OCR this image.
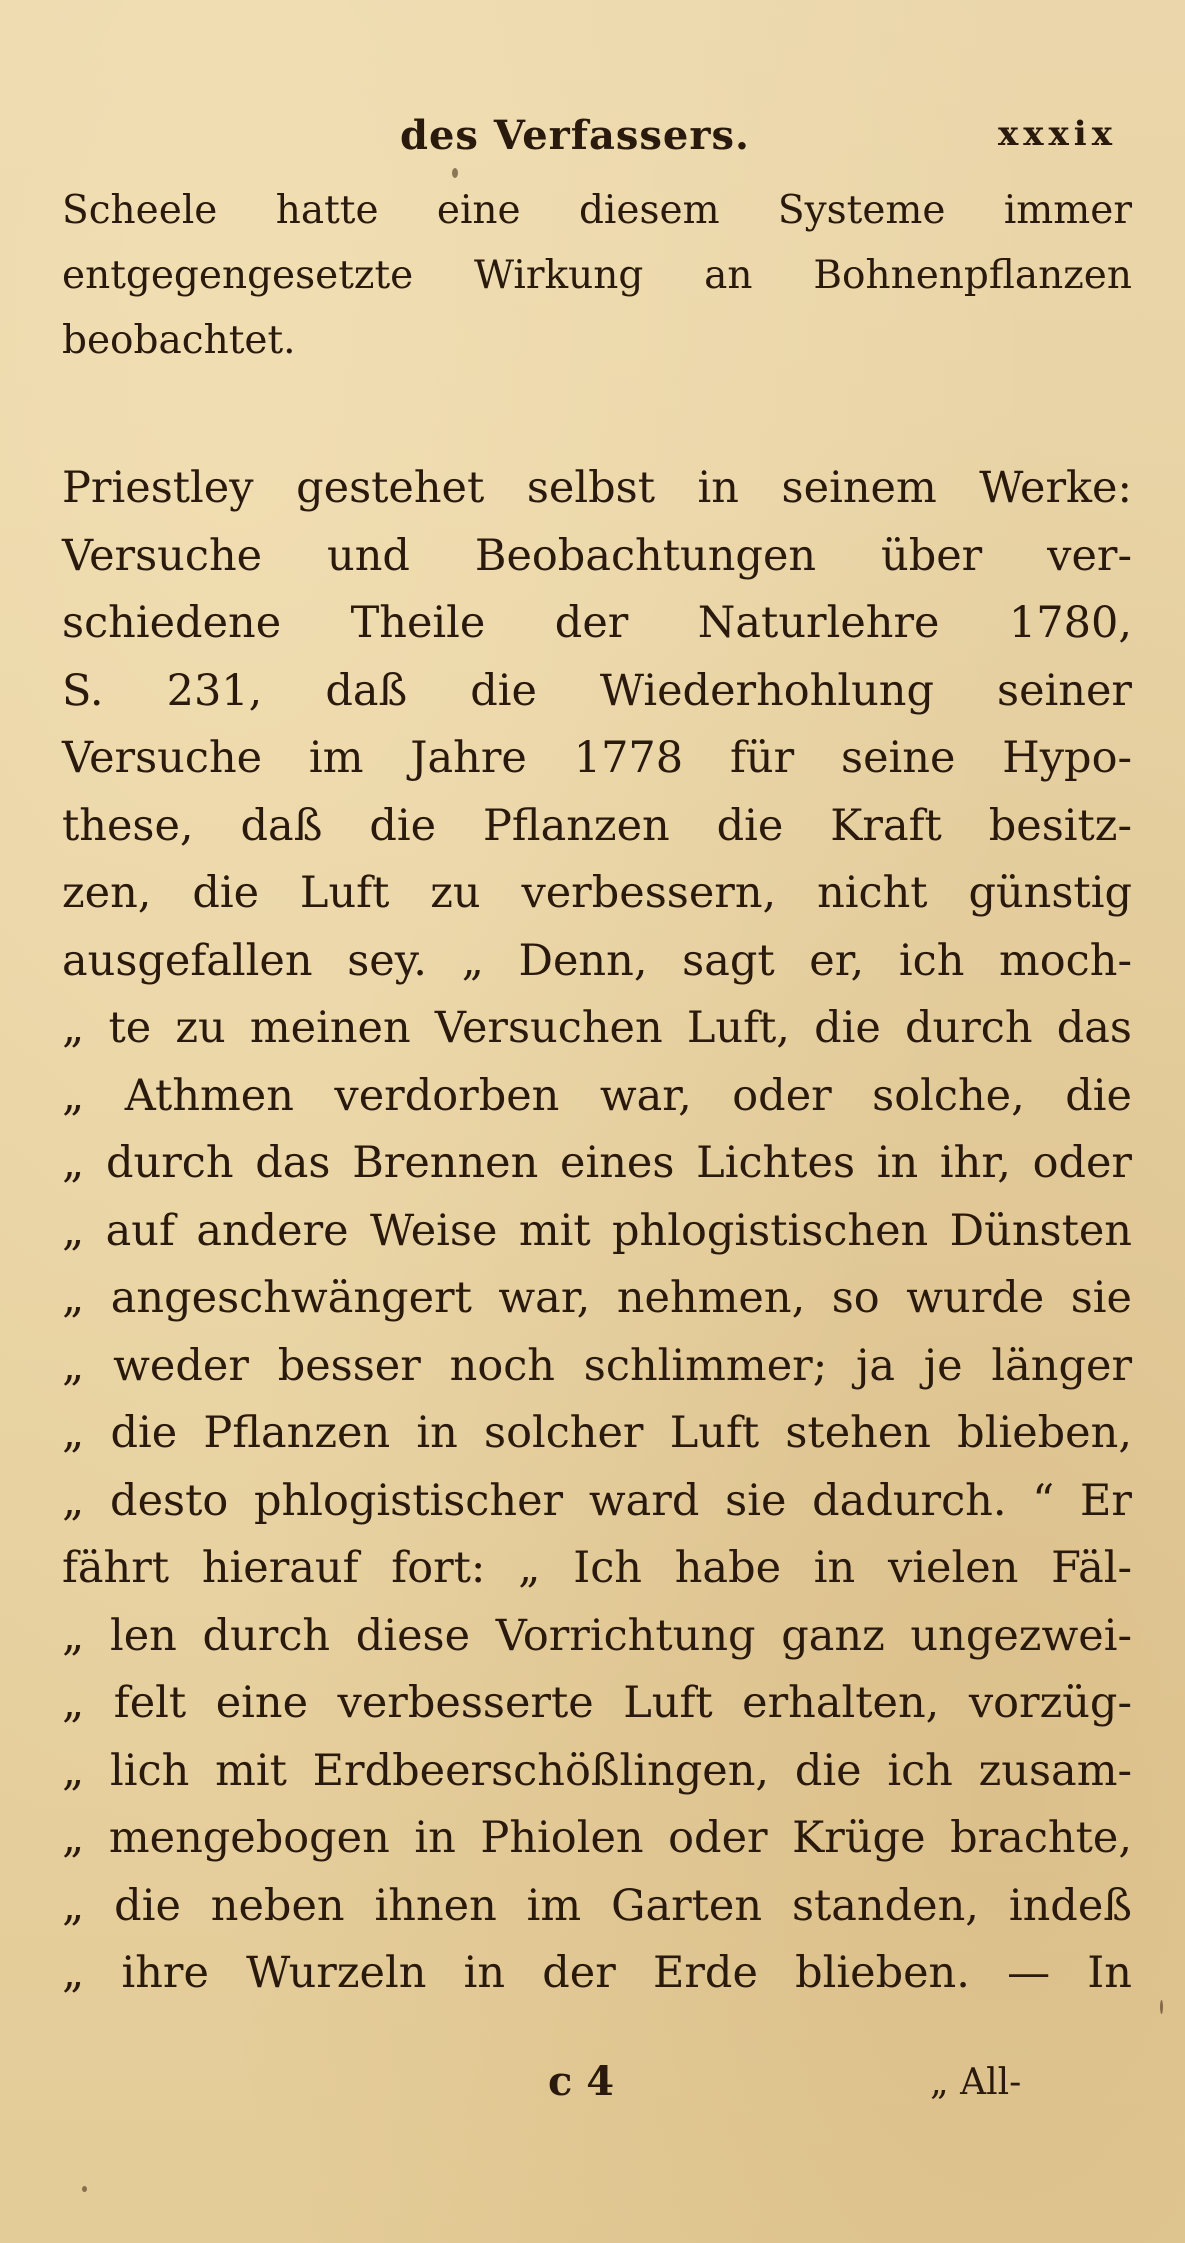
des Verfassers.	xxxix
Scheele hatte eine diesem Systeme immer
entgegengesetzte Wirkung an Bohnenpflanzen
beobachtet.
Priestley gestehet selbst in seinem Werke:
Versuche und Beobachtungen über ver-
schiedene Theile der Naturlehre 1780,
S. 231, daß die Wiederhohlung seiner
Versuche im Jahre 1778 für seine Hypo-
these, daß die Pflanzen die Kraft besitz-
zen, die Luft zu verbessern, nicht günstig
ausgefallen sey. „ Denn, sagt er, ich moch-
„ te zu meinen Versuchen Luft, die durch das
„ Athmen verdorben war, oder solche, die
„ durch das Brennen eines Lichtes in ihr, oder
„ auf andere Weise mit phlogistischen Dünsten
„ angeschwängert war, nehmen, so wurde sie
„ weder besser noch schlimmer; ja je länger
„ die Pflanzen in solcher Luft stehen blieben,
„ desto phlogistischer ward sie dadurch. “ Er
fährt hierauf fort: „ Ich habe in vielen Fäl-
„ len durch diese Vorrichtung ganz ungezwei-
„ felt eine verbesserte Luft erhalten, vorzüg-
„ lich mit Erdbeerschößlingen, die ich zusam-
„ mengebogen in Phiolen oder Krüge brachte,
„ die neben ihnen im Garten standen, indeß
„ ihre Wurzeln in der Erde blieben. — In
c 4	„ All-
